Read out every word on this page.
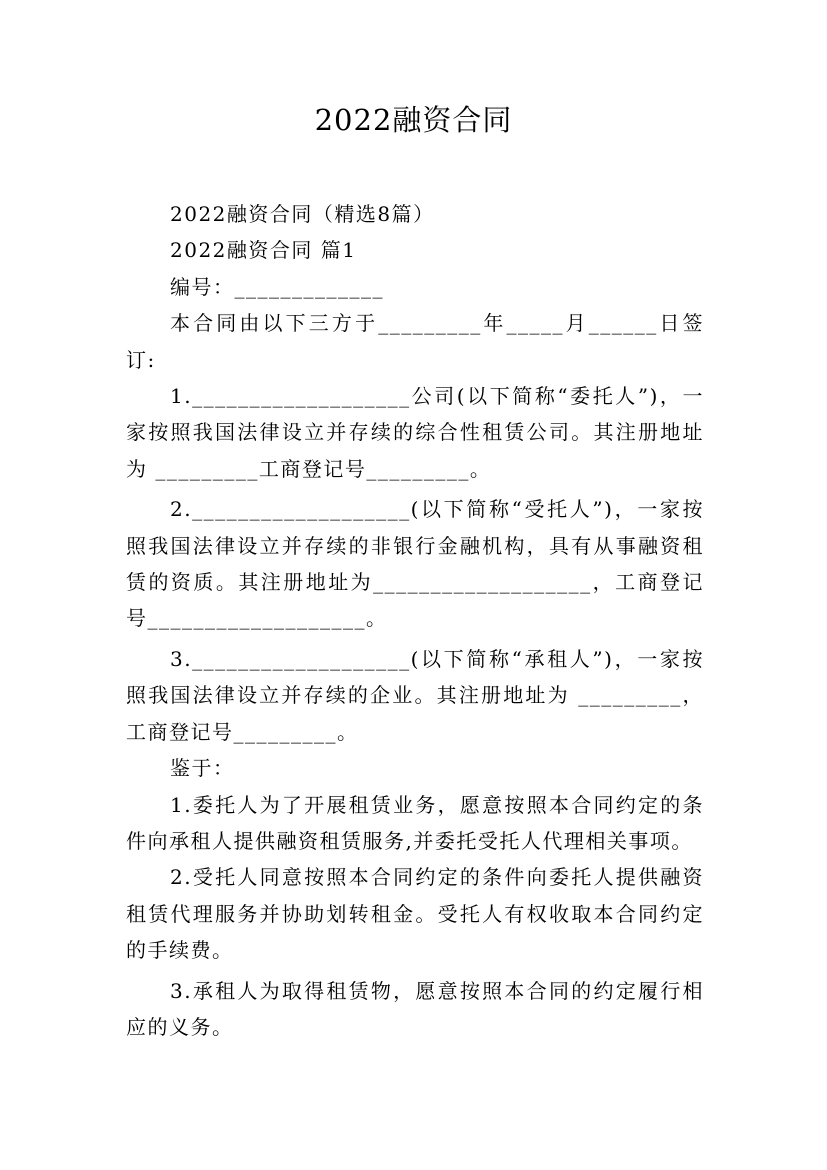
2022融资合同

2022融资合同（精选8篇）

2022融资合同 篇1

编号：_____________

本合同由以下三方于_________年_____月______日签订:

1.___________________公司(以下简称“委托人”)，一家按照我国法律设立并存续的综合性租赁公司。其注册地址为 _________工商登记号_________。

2.___________________(以下简称“受托人”)，一家按照我国法律设立并存续的非银行金融机构，具有从事融资租赁的资质。其注册地址为___________________，工商登记号___________________。

3.___________________(以下简称“承租人”)，一家按照我国法律设立并存续的企业。其注册地址为 _________，工商登记号_________。

鉴于：

1.委托人为了开展租赁业务，愿意按照本合同约定的条件向承租人提供融资租赁服务,并委托受托人代理相关事项。

2.受托人同意按照本合同约定的条件向委托人提供融资租赁代理服务并协助划转租金。受托人有权收取本合同约定的手续费。

3.承租人为取得租赁物，愿意按照本合同的约定履行相应的义务。
